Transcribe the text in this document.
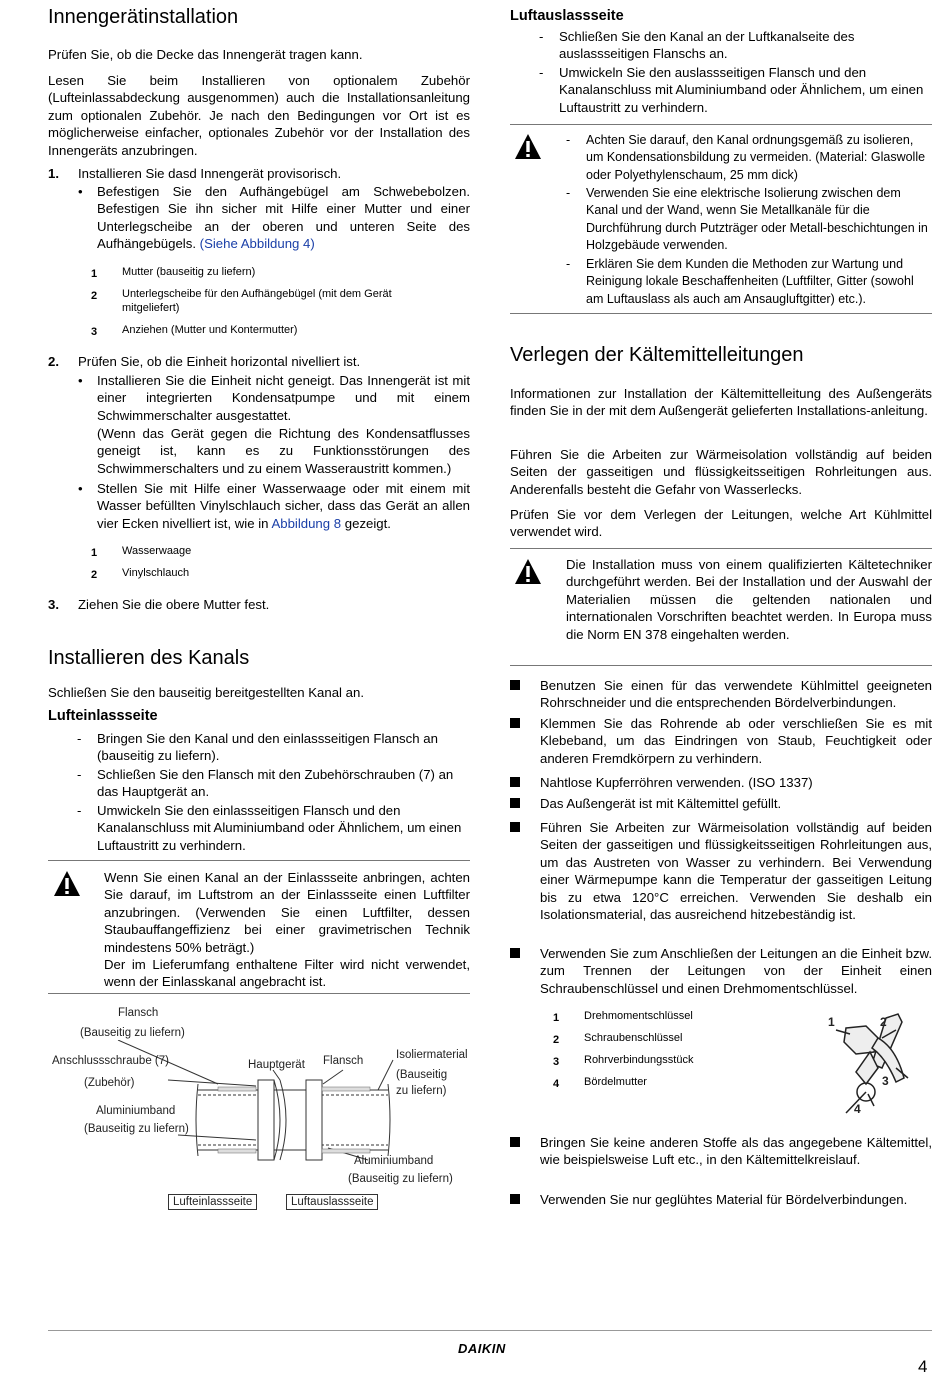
Innengerätinstallation
Prüfen Sie, ob die Decke das Innengerät tragen kann.
Lesen Sie beim Installieren von optionalem Zubehör (Lufteinlassabdeckung ausgenommen) auch die Installationsanleitung zum optionalen Zubehör. Je nach den Bedingungen vor Ort ist es möglicherweise einfacher, optionales Zubehör vor der Installation des Innengeräts anzubringen.
1. Installieren Sie dasd Innengerät provisorisch.
• Befestigen Sie den Aufhängebügel am Schwebebolzen. Befestigen Sie ihn sicher mit Hilfe einer Mutter und einer Unterlegscheibe an der oberen und unteren Seite des Aufhängebügels. (Siehe Abbildung 4)
1 Mutter (bauseitig zu liefern)
2 Unterlegscheibe für den Aufhängebügel (mit dem Gerät mitgeliefert)
3 Anziehen (Mutter und Kontermutter)
2. Prüfen Sie, ob die Einheit horizontal nivelliert ist.
• Installieren Sie die Einheit nicht geneigt. Das Innengerät ist mit einer integrierten Kondensatpumpe und mit einem Schwimmerschalter ausgestattet.
(Wenn das Gerät gegen die Richtung des Kondensatflusses geneigt ist, kann es zu Funktionsstörungen des Schwimmerschalters und zu einem Wasseraustritt kommen.)
• Stellen Sie mit Hilfe einer Wasserwaage oder mit einem mit Wasser befüllten Vinylschlauch sicher, dass das Gerät an allen vier Ecken nivelliert ist, wie in Abbildung 8 gezeigt.
1 Wasserwaage
2 Vinylschlauch
3. Ziehen Sie die obere Mutter fest.
Installieren des Kanals
Schließen Sie den bauseitig bereitgestellten Kanal an.
Lufteinlassseite
- Bringen Sie den Kanal und den einlassseitigen Flansch an (bauseitig zu liefern).
- Schließen Sie den Flansch mit den Zubehörschrauben (7) an das Hauptgerät an.
- Umwickeln Sie den einlassseitigen Flansch und den Kanalanschluss mit Aluminiumband oder Ähnlichem, um einen Luftaustritt zu verhindern.
Wenn Sie einen Kanal an der Einlassseite anbringen, achten Sie darauf, im Luftstrom an der Einlassseite einen Luftfilter anzubringen. (Verwenden Sie einen Luftfilter, dessen Staubauffangeffizienz bei einer gravimetrischen Technik mindestens 50% beträgt.)
Der im Lieferumfang enthaltene Filter wird nicht verwendet, wenn der Einlasskanal angebracht ist.
Flansch
(Bauseitig zu liefern)
Anschlussschraube (7)
(Zubehör)
Aluminiumband
(Bauseitig zu liefern)
Hauptgerät Flansch	Isoliermaterial
(Bauseitig
zu liefern)
Aluminiumband
(Bauseitig zu liefern)
Lufteinlassseite	Luftauslassseite
Luftauslassseite
- Schließen Sie den Kanal an der Luftkanalseite des auslassseitigen Flanschs an.
- Umwickeln Sie den auslassseitigen Flansch und den Kanalanschluss mit Aluminiumband oder Ähnlichem, um einen Luftaustritt zu verhindern.
- Achten Sie darauf, den Kanal ordnungsgemäß zu isolieren, um Kondensationsbildung zu vermeiden. (Material: Glaswolle oder Polyethylenschaum, 25 mm dick)
- Verwenden Sie eine elektrische Isolierung zwischen dem Kanal und der Wand, wenn Sie Metallkanäle für die Durchführung durch Putzträger oder Metall-beschichtungen in Holzgebäude verwenden.
- Erklären Sie dem Kunden die Methoden zur Wartung und Reinigung lokale Beschaffenheiten (Luftfilter, Gitter (sowohl am Luftauslass als auch am Ansaugluftgitter) etc.).
Verlegen der Kältemittelleitungen
Informationen zur Installation der Kältemittelleitung des Außengeräts finden Sie in der mit dem Außengerät gelieferten Installations-anleitung.
Führen Sie die Arbeiten zur Wärmeisolation vollständig auf beiden Seiten der gasseitigen und flüssigkeitsseitigen Rohrleitungen aus. Anderenfalls besteht die Gefahr von Wasserlecks.
Prüfen Sie vor dem Verlegen der Leitungen, welche Art Kühlmittel verwendet wird.
Die Installation muss von einem qualifizierten Kältetechniker durchgeführt werden. Bei der Installation und der Auswahl der Materialien müssen die geltenden nationalen und internationalen Vorschriften beachtet werden. In Europa muss die Norm EN 378 eingehalten werden.
Benutzen Sie einen für das verwendete Kühlmittel geeigneten Rohrschneider und die entsprechenden Bördelverbindungen.
Klemmen Sie das Rohrende ab oder verschließen Sie es mit Klebeband, um das Eindringen von Staub, Feuchtigkeit oder anderen Fremdkörpern zu verhindern.
Nahtlose Kupferröhren verwenden. (ISO 1337)
Das Außengerät ist mit Kältemittel gefüllt.
Führen Sie Arbeiten zur Wärmeisolation vollständig auf beiden Seiten der gasseitigen und flüssigkeitsseitigen Rohrleitungen aus, um das Austreten von Wasser zu verhindern. Bei Verwendung einer Wärmepumpe kann die Temperatur der gasseitigen Leitung bis zu etwa 120°C erreichen. Verwenden Sie deshalb ein Isolationsmaterial, das ausreichend hitzebeständig ist.
Verwenden Sie zum Anschließen der Leitungen an die Einheit bzw. zum Trennen der Leitungen von der Einheit einen Schraubenschlüssel und einen Drehmomentschlüssel.
1 Drehmomentschlüssel
2 Schraubenschlüssel
3 Rohrverbindungsstück
4 Bördelmutter
1	2
3
4
Bringen Sie keine anderen Stoffe als das angegebene Kältemittel, wie beispielsweise Luft etc., in den Kältemittelkreislauf.
Verwenden Sie nur geglühtes Material für Bördelverbindungen.
DAIKIN
4
